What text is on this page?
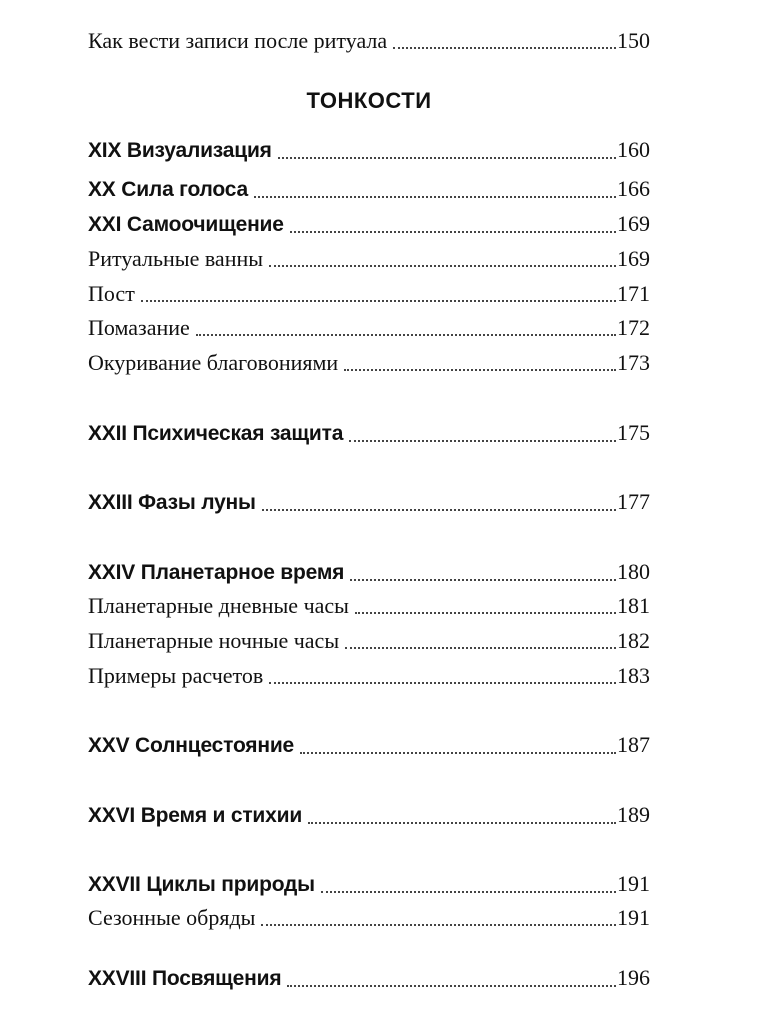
Как вести записи после ритуала	150
ТОНКОСТИ
XIX Визуализация	160
XX Сила голоса	166
XXI Самоочищение	169
Ритуальные ванны	169
Пост	171
Помазание	172
Окуривание благовониями	173
XXII Психическая защита	175
XXIII Фазы луны	177
XXIV Планетарное время	180
Планетарные дневные часы	181
Планетарные ночные часы	182
Примеры расчетов	183
XXV Солнцестояние	187
XXVI Время и стихии	189
XXVII Циклы природы	191
Сезонные обряды	191
XXVIII Посвящения	196
